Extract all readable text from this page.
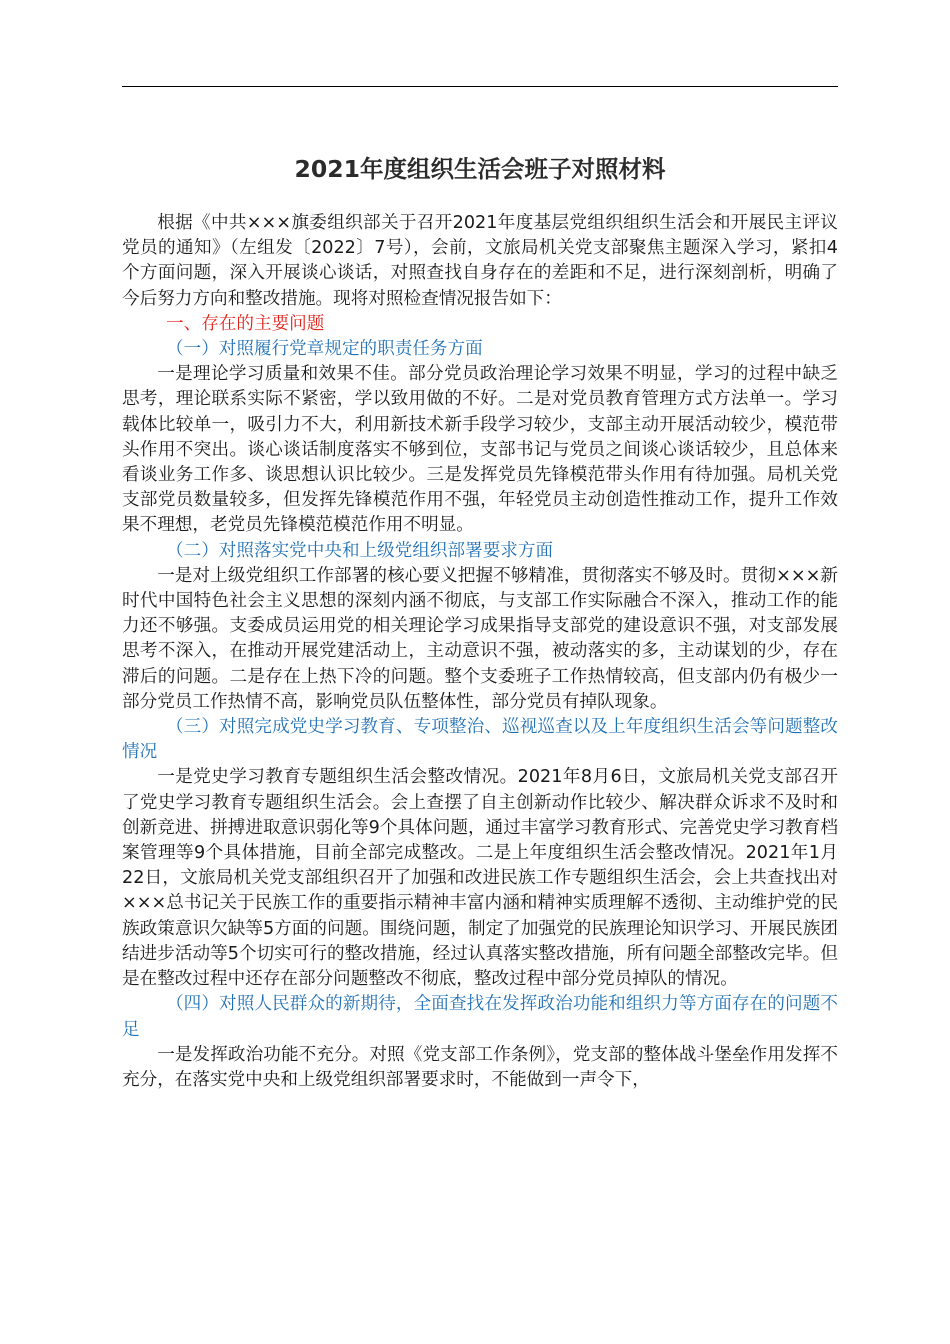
2021年度组织生活会班子对照材料

根据《中共×××旗委组织部关于召开2021年度基层党组织组织生活会和开展民主评议党员的通知》（左组发〔2022〕7号），会前，文旅局机关党支部聚焦主题深入学习，紧扣4个方面问题，深入开展谈心谈话，对照查找自身存在的差距和不足，进行深刻剖析，明确了今后努力方向和整改措施。现将对照检查情况报告如下：

一、存在的主要问题

（一）对照履行党章规定的职责任务方面

一是理论学习质量和效果不佳。部分党员政治理论学习效果不明显，学习的过程中缺乏思考，理论联系实际不紧密，学以致用做的不好。二是对党员教育管理方式方法单一。学习载体比较单一，吸引力不大，利用新技术新手段学习较少，支部主动开展活动较少，模范带头作用不突出。谈心谈话制度落实不够到位，支部书记与党员之间谈心谈话较少，且总体来看谈业务工作多、谈思想认识比较少。三是发挥党员先锋模范带头作用有待加强。局机关党支部党员数量较多，但发挥先锋模范作用不强，年轻党员主动创造性推动工作，提升工作效果不理想，老党员先锋模范模范作用不明显。

（二）对照落实党中央和上级党组织部署要求方面

一是对上级党组织工作部署的核心要义把握不够精准，贯彻落实不够及时。贯彻×××新时代中国特色社会主义思想的深刻内涵不彻底，与支部工作实际融合不深入，推动工作的能力还不够强。支委成员运用党的相关理论学习成果指导支部党的建设意识不强，对支部发展思考不深入，在推动开展党建活动上，主动意识不强，被动落实的多，主动谋划的少，存在滞后的问题。二是存在上热下冷的问题。整个支委班子工作热情较高，但支部内仍有极少一部分党员工作热情不高，影响党员队伍整体性，部分党员有掉队现象。

（三）对照完成党史学习教育、专项整治、巡视巡查以及上年度组织生活会等问题整改情况

一是党史学习教育专题组织生活会整改情况。2021年8月6日，文旅局机关党支部召开了党史学习教育专题组织生活会。会上查摆了自主创新动作比较少、解决群众诉求不及时和创新竞进、拼搏进取意识弱化等9个具体问题，通过丰富学习教育形式、完善党史学习教育档案管理等9个具体措施，目前全部完成整改。二是上年度组织生活会整改情况。2021年1月22日，文旅局机关党支部组织召开了加强和改进民族工作专题组织生活会，会上共查找出对×××总书记关于民族工作的重要指示精神丰富内涵和精神实质理解不透彻、主动维护党的民族政策意识欠缺等5方面的问题。围绕问题，制定了加强党的民族理论知识学习、开展民族团结进步活动等5个切实可行的整改措施，经过认真落实整改措施，所有问题全部整改完毕。但是在整改过程中还存在部分问题整改不彻底，整改过程中部分党员掉队的情况。

（四）对照人民群众的新期待，全面查找在发挥政治功能和组织力等方面存在的问题不足

一是发挥政治功能不充分。对照《党支部工作条例》，党支部的整体战斗堡垒作用发挥不充分，在落实党中央和上级党组织部署要求时，不能做到一声令下，
